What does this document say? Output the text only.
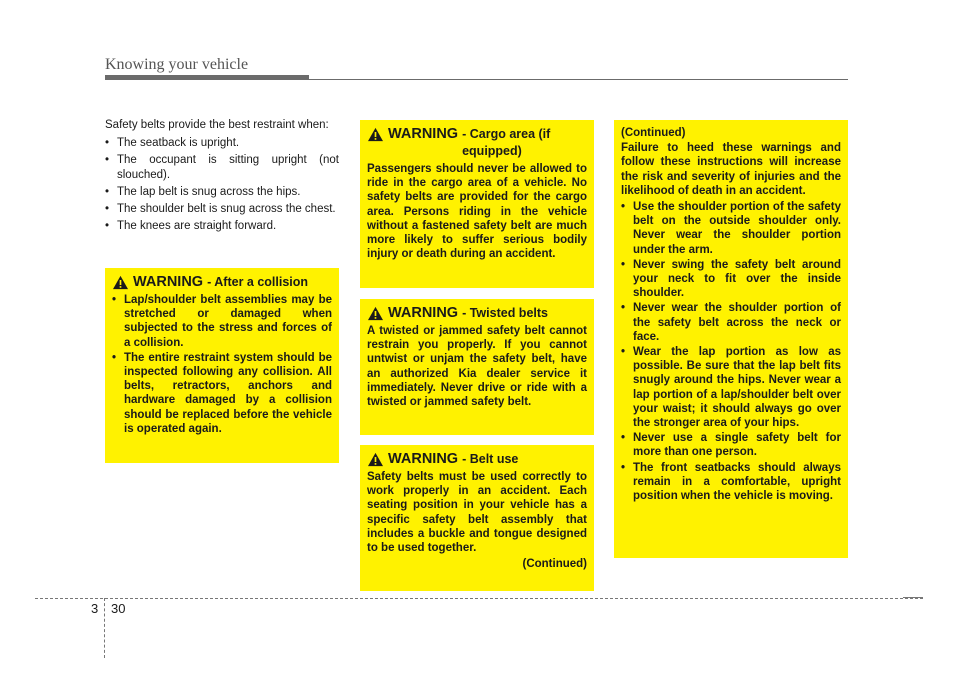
Knowing your vehicle

Safety belts provide the best restraint when:

• The seatback is upright.
• The occupant is sitting upright (not slouched).
• The lap belt is snug across the hips.
• The shoulder belt is snug across the chest.
• The knees are straight forward.
WARNING - After a collision
• Lap/shoulder belt assemblies may be stretched or damaged when subjected to the stress and forces of a collision.
• The entire restraint system should be inspected following any collision. All belts, retractors, anchors and hardware damaged by a collision should be replaced before the vehicle is operated again.
WARNING - Cargo area (if equipped)

Passengers should never be allowed to ride in the cargo area of a vehicle. No safety belts are provided for the cargo area. Persons riding in the vehicle without a fastened safety belt are much more likely to suffer serious bodily injury or death during an accident.

WARNING - Twisted belts

A twisted or jammed safety belt cannot restrain you properly. If you cannot untwist or unjam the safety belt, have an authorized Kia dealer service it immediately. Never drive or ride with a twisted or jammed safety belt.

WARNING - Belt use

Safety belts must be used correctly to work properly in an accident. Each seating position in your vehicle has a specific safety belt assembly that includes a buckle and tongue designed to be used together.

(Continued)
(Continued)

Failure to heed these warnings and follow these instructions will increase the risk and severity of injuries and the likelihood of death in an accident.

• Use the shoulder portion of the safety belt on the outside shoulder only. Never wear the shoulder portion under the arm.
• Never swing the safety belt around your neck to fit over the inside shoulder.
• Never wear the shoulder portion of the safety belt across the neck or face.
• Wear the lap portion as low as possible. Be sure that the lap belt fits snugly around the hips. Never wear a lap portion of a lap/shoulder belt over your waist; it should always go over the stronger area of your hips.
• Never use a single safety belt for more than one person.
• The front seatbacks should always remain in a comfortable, upright position when the vehicle is moving.
3 30
